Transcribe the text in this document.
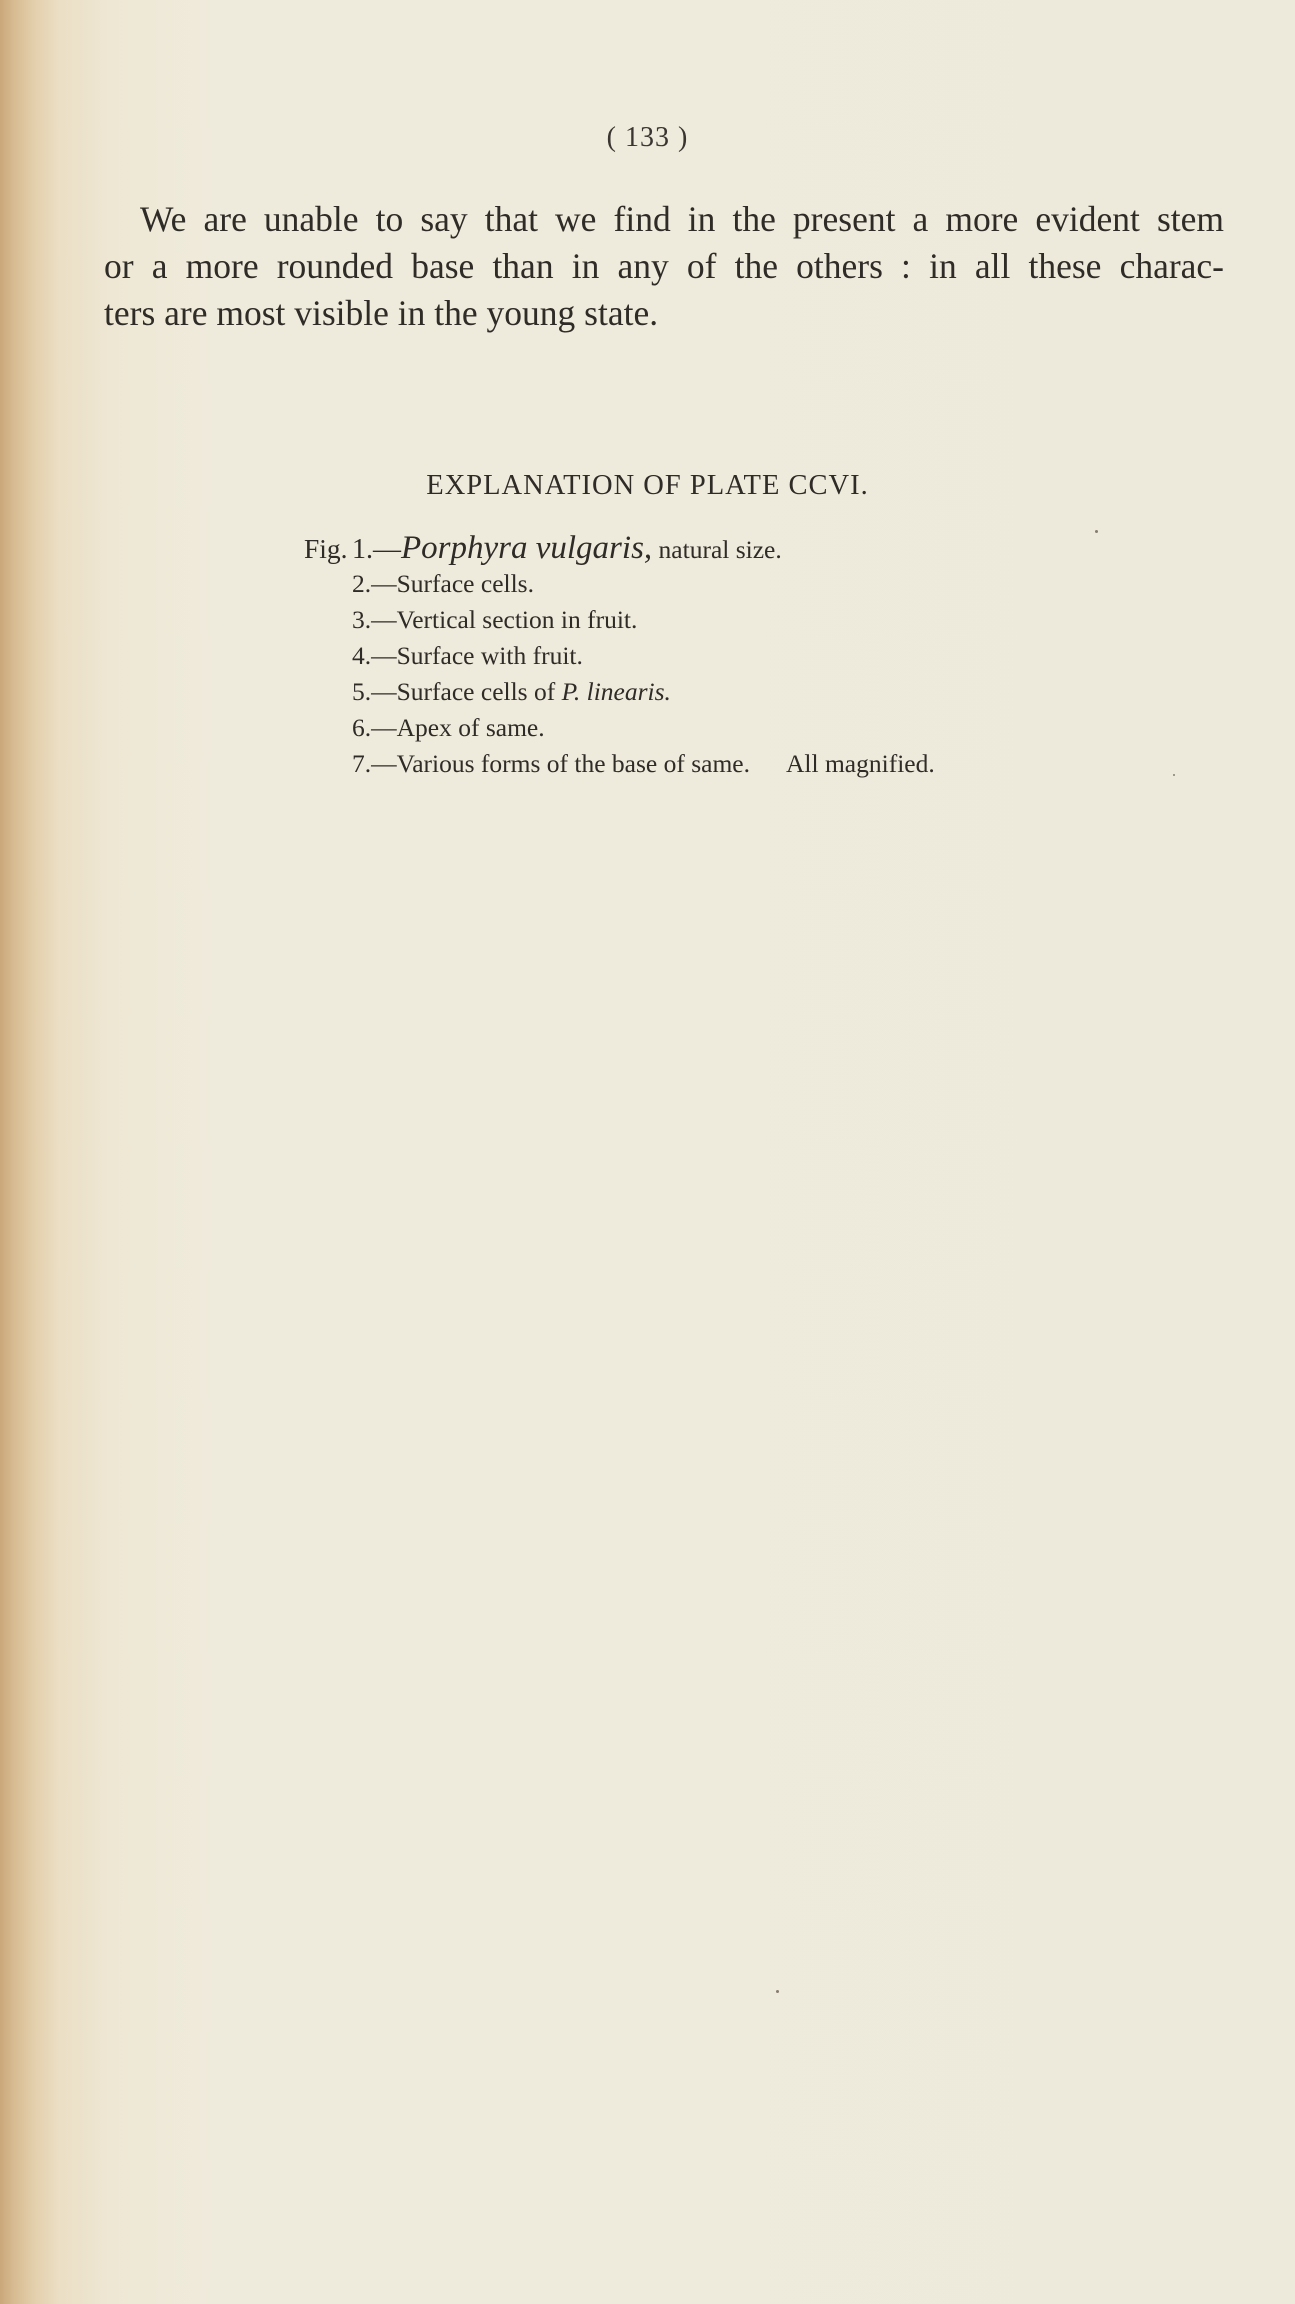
( 133 )
We are unable to say that we find in the present a more evident stem
or a more rounded base than in any of the others : in all these charac-
ters are most visible in the young state.
EXPLANATION OF PLATE CCVI.
Fig. 1.—Porphyra vulgaris, natural size.
2.—Surface cells.
3.—Vertical section in fruit.
4.—Surface with fruit.
5.—Surface cells of P. linearis.
6.—Apex of same.
7.—Various forms of the base of same. All magnified.
